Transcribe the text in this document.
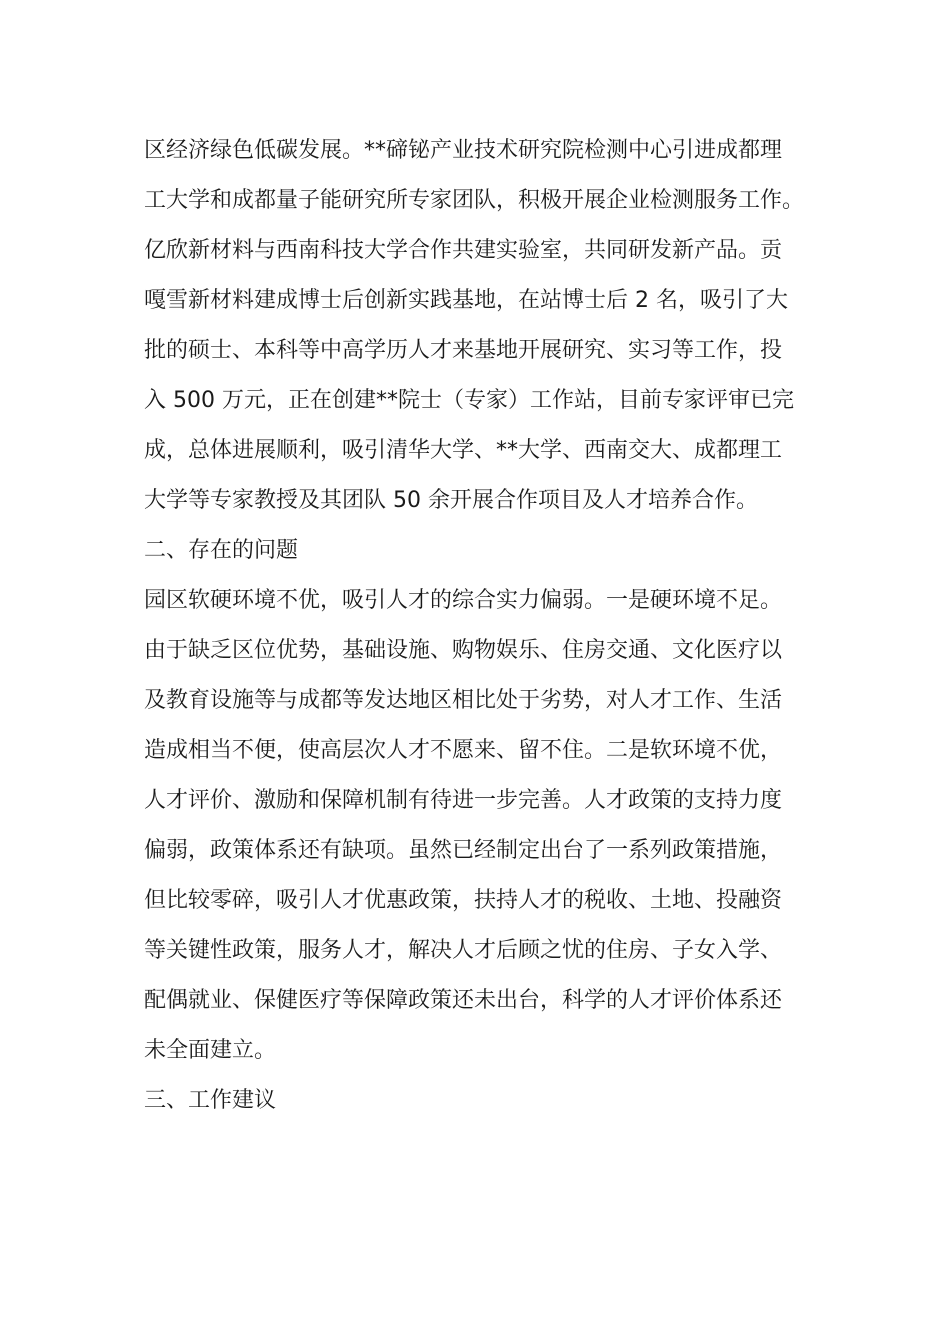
区经济绿色低碳发展。**碲铋产业技术研究院检测中心引进成都理
工大学和成都量子能研究所专家团队，积极开展企业检测服务工作。
亿欣新材料与西南科技大学合作共建实验室，共同研发新产品。贡
嘎雪新材料建成博士后创新实践基地，在站博士后 2 名，吸引了大
批的硕士、本科等中高学历人才来基地开展研究、实习等工作，投
入 500 万元，正在创建**院士（专家）工作站，目前专家评审已完
成，总体进展顺利，吸引清华大学、**大学、西南交大、成都理工
大学等专家教授及其团队 50 余开展合作项目及人才培养合作。
二、存在的问题
园区软硬环境不优，吸引人才的综合实力偏弱。一是硬环境不足。
由于缺乏区位优势，基础设施、购物娱乐、住房交通、文化医疗以
及教育设施等与成都等发达地区相比处于劣势，对人才工作、生活
造成相当不便，使高层次人才不愿来、留不住。二是软环境不优，
人才评价、激励和保障机制有待进一步完善。人才政策的支持力度
偏弱，政策体系还有缺项。虽然已经制定出台了一系列政策措施，
但比较零碎，吸引人才优惠政策，扶持人才的税收、土地、投融资
等关键性政策，服务人才，解决人才后顾之忧的住房、子女入学、
配偶就业、保健医疗等保障政策还未出台，科学的人才评价体系还
未全面建立。
三、工作建议
